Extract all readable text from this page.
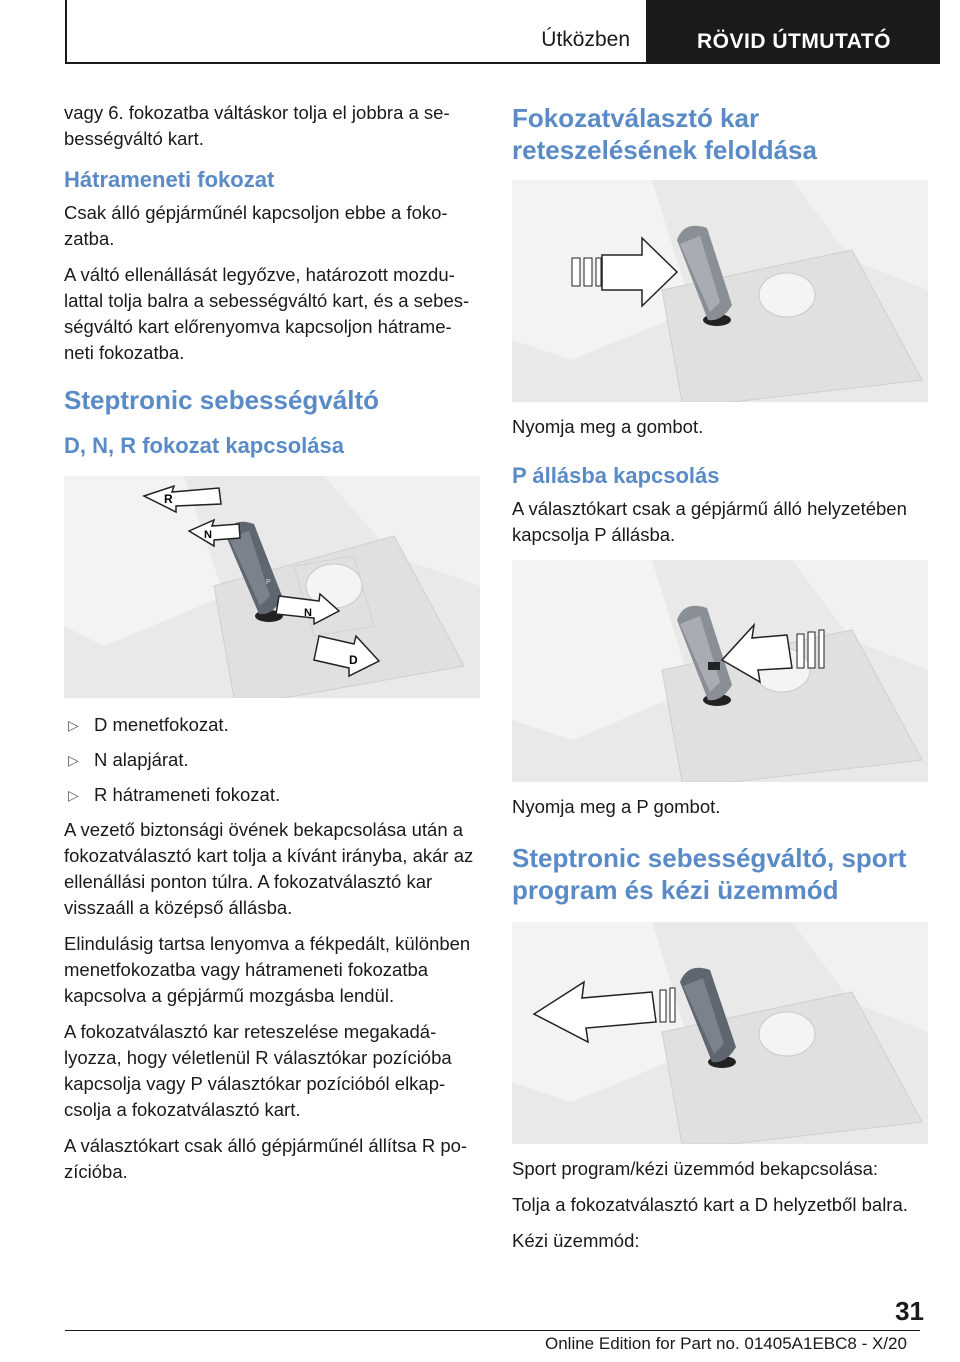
Útközben	RÖVID ÚTMUTATÓ

vagy 6. fokozatba váltáskor tolja el jobbra a se-bességváltó kart.

Hátrameneti fokozat

Csak álló gépjárműnél kapcsoljon ebbe a foko-zatba.

A váltó ellenállását legyőzve, határozott mozdu-lattal tolja balra a sebességváltó kart, és a sebes-ségváltó kart előrenyomva kapcsoljon hátrame-neti fokozatba.

Steptronic sebességváltó
D, N, R fokozat kapcsolása
P
R
N
N
D
▷ D menetfokozat.
▷ N alapjárat.
▷ R hátrameneti fokozat.

A vezető biztonsági övének bekapcsolása után a fokozatválasztó kart tolja a kívánt irányba, akár az ellenállási ponton túlra. A fokozatválasztó kar visszaáll a középső állásba.

Elindulásig tartsa lenyomva a fékpedált, különben menetfokozatba vagy hátrameneti fokozatba kapcsolva a gépjármű mozgásba lendül.

A fokozatválasztó kar reteszelése megakadá-lyozza, hogy véletlenül R választókar pozícióba kapcsolja vagy P választókar pozícióból elkap-csolja a fokozatválasztó kart.

A választókart csak álló gépjárműnél állítsa R po-zícióba.

Fokozatválasztó kar reteszelésének feloldása

Nyomja meg a gombot.

P állásba kapcsolás

A választókart csak a gépjármű álló helyzetében kapcsolja P állásba.

Nyomja meg a P gombot.

Steptronic sebességváltó, sport program és kézi üzemmód

Sport program/kézi üzemmód bekapcsolása:

Tolja a fokozatválasztó kart a D helyzetből balra.

Kézi üzemmód:

31
Online Edition for Part no. 01405A1EBC8 - X/20
